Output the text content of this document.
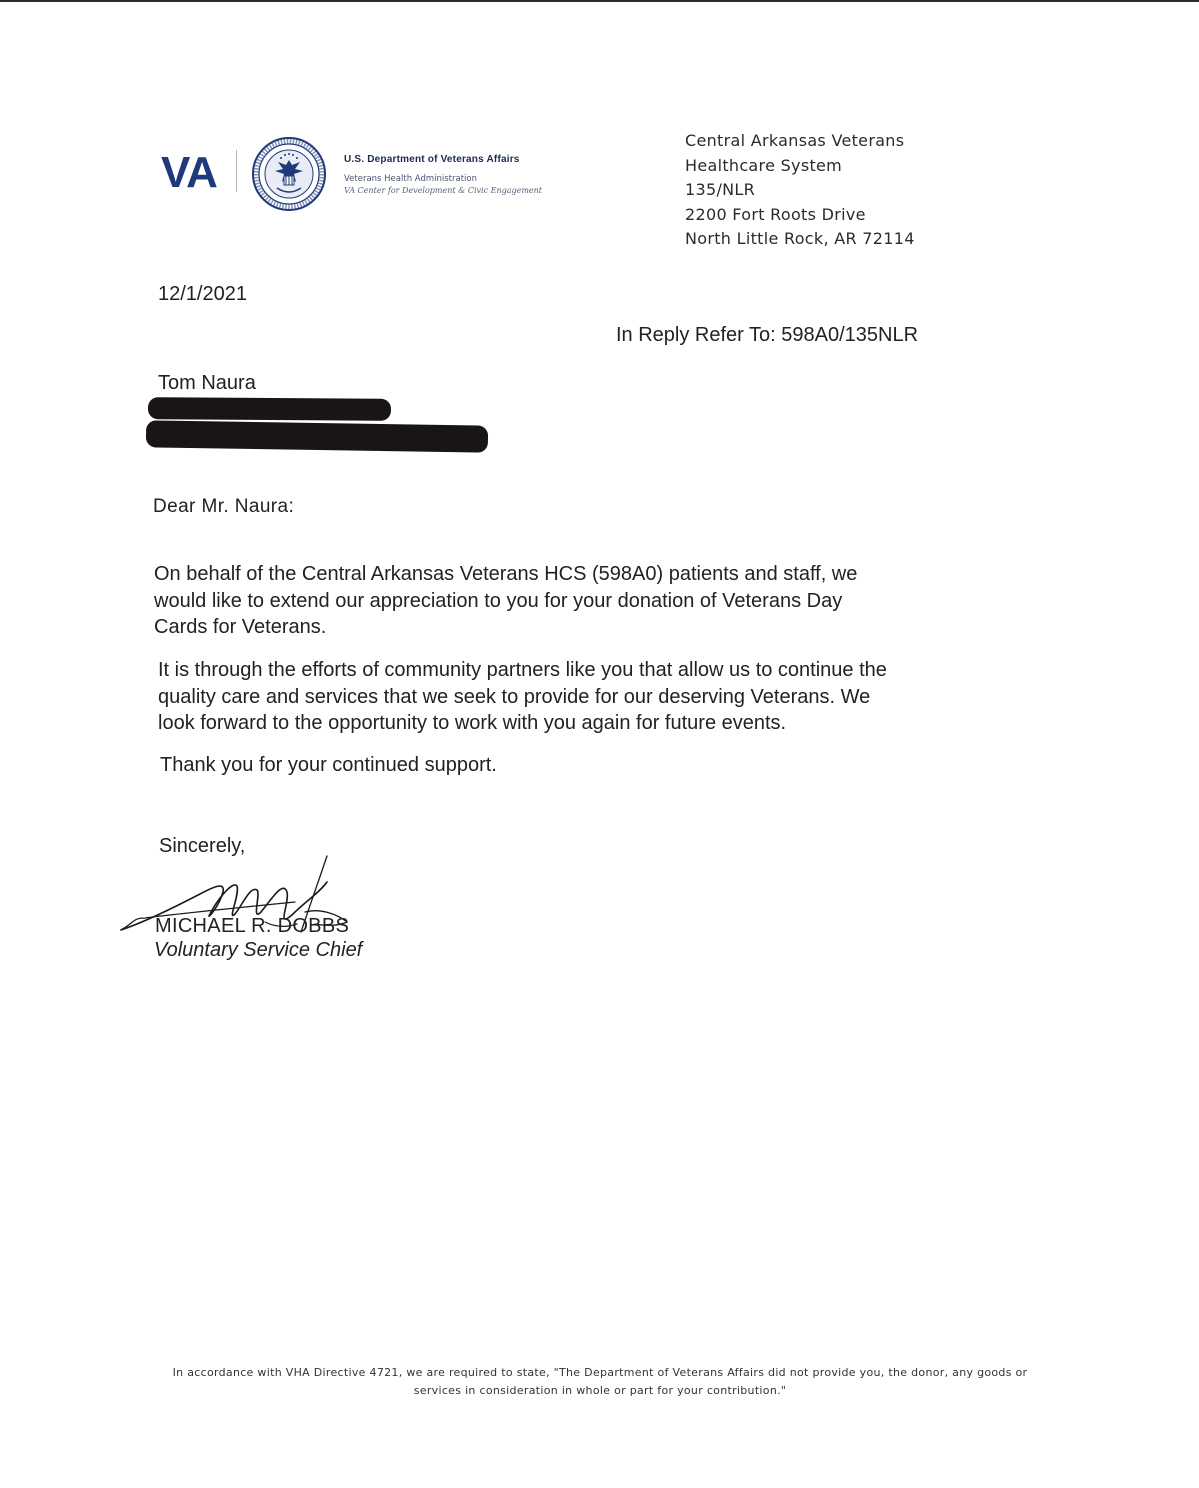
VA	U.S. Department of Veterans Affairs
Veterans Health Administration
VA Center for Development & Civic Engagement
Central Arkansas Veterans
Healthcare System
135/NLR
2200 Fort Roots Drive
North Little Rock, AR 72114
12/1/2021
In Reply Refer To: 598A0/135NLR
Tom Naura
Dear Mr. Naura:
On behalf of the Central Arkansas Veterans HCS (598A0) patients and staff, we
would like to extend our appreciation to you for your donation of Veterans Day
Cards for Veterans.
It is through the efforts of community partners like you that allow us to continue the
quality care and services that we seek to provide for our deserving Veterans. We
look forward to the opportunity to work with you again for future events.
Thank you for your continued support.
Sincerely,
MICHAEL R. DOBBS
Voluntary Service Chief
In accordance with VHA Directive 4721, we are required to state, "The Department of Veterans Affairs did not provide you, the donor, any goods or
services in consideration in whole or part for your contribution."
